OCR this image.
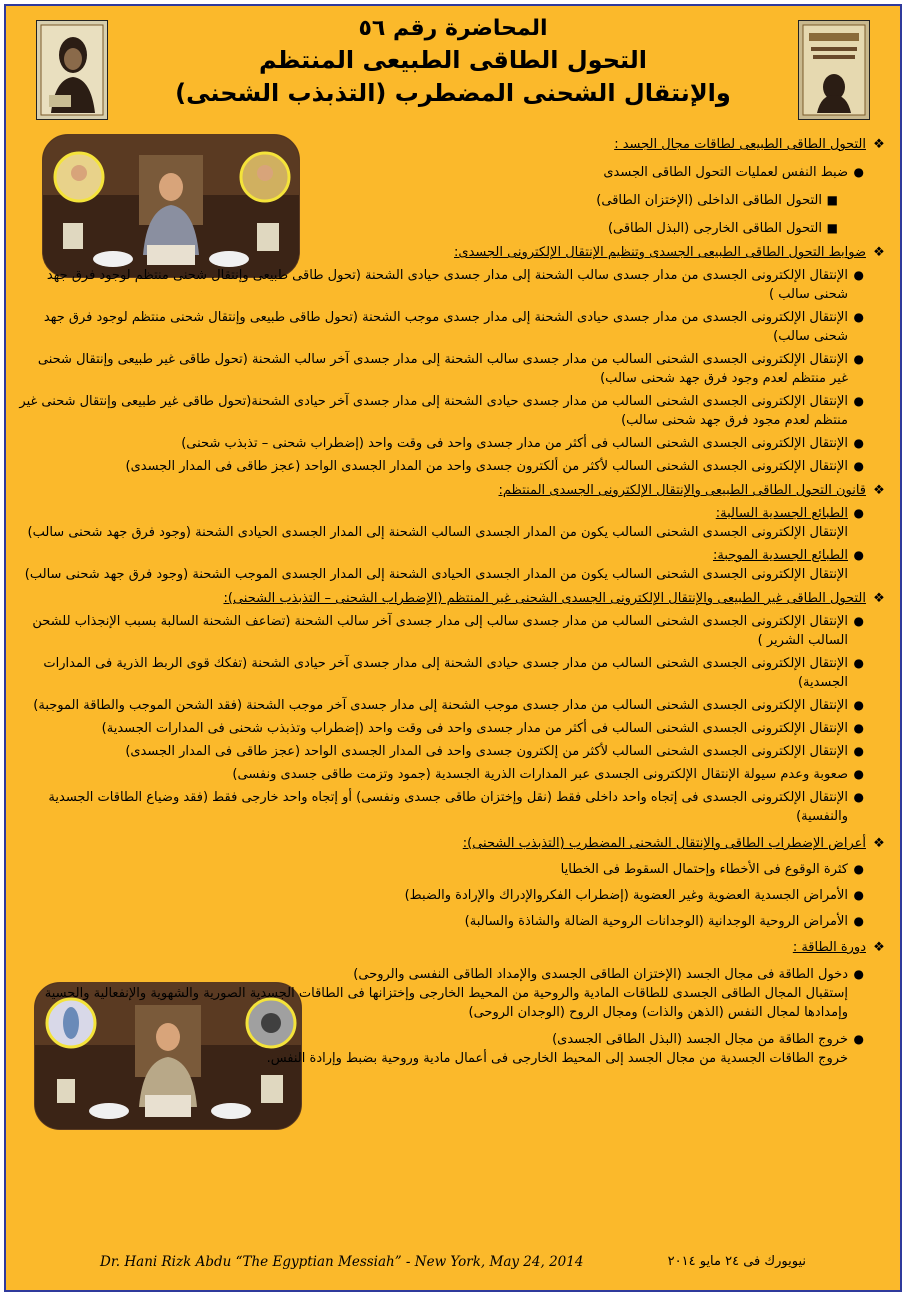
المحاضرة رقم ٥٦
التحول الطاقى الطبيعى المنتظم
والإنتقال الشحنى المضطرب (التذبذب الشحنى)
❖
التحول الطاقى الطبيعى لطاقات مجال الجسد :
●
ضبط النفس لعمليات التحول الطاقى الجسدى
■
التحول الطاقى الداخلى (الإختزان الطاقى)
■
التحول الطاقى الخارجى (البذل الطاقى)
❖
ضوابط التحول الطاقى الطبيعى الجسدى وتنظيم الإنتقال الإلكترونى الجسدى:
●
الإنتقال الإلكترونى الجسدى من مدار جسدى سالب الشحنة إلى مدار جسدى حيادى الشحنة (تحول طاقى طبيعى وإنتقال شحنى منتظم لوجود فرق جهد شحنى سالب )
●
الإنتقال الإلكترونى الجسدى من مدار جسدى حيادى الشحنة إلى مدار جسدى موجب الشحنة (تحول طاقى طبيعى وإنتقال شحنى منتظم لوجود فرق جهد شحنى سالب)
●
الإنتقال الإلكترونى الجسدى الشحنى السالب من مدار جسدى سالب الشحنة إلى مدار جسدى آخر سالب الشحنة (تحول طاقى غير طبيعى وإنتقال شحنى غير منتظم لعدم وجود فرق جهد شحنى سالب)
●
الإنتقال الإلكترونى الجسدى الشحنى السالب من مدار جسدى حيادى الشحنة إلى مدار جسدى آخر حيادى الشحنة(تحول طاقى غير طبيعى وإنتقال شحنى غير منتظم لعدم مجود فرق جهد شحنى سالب)
●
الإنتقال الإلكترونى الجسدى الشحنى السالب فى أكثر من مدار جسدى واحد فى وقت واحد (إضطراب شحنى – تذبذب شحنى)
●
الإنتقال الإلكترونى الجسدى الشحنى السالب لأكثر من ألكترون جسدى واحد من المدار الجسدى الواحد (عجز طاقى فى المدار الجسدى)
❖
قانون التحول الطاقى الطبيعى والإنتقال الإلكترونى الجسدى المنتظم:
●
الطبائع الجسدية السالبة:
الإنتقال الإلكترونى الجسدى الشحنى السالب يكون من المدار الجسدى السالب الشحنة إلى المدار الجسدى الحيادى الشحنة (وجود فرق جهد شحنى سالب)
●
الطبائع الجسدية الموجبة:
الإنتقال الإلكترونى الجسدى الشحنى السالب يكون من المدار الجسدى الحيادى الشحنة إلى المدار الجسدى الموجب الشحنة (وجود فرق جهد شحنى سالب)
❖
التحول الطاقى غير الطبيعى والإنتقال الإلكترونى الجسدى الشحنى غير المنتظم (الإضطراب الشحنى – التذبذب الشحنى):
●
الإنتقال الإلكترونى الجسدى الشحنى السالب من مدار جسدى سالب إلى مدار جسدى آخر سالب الشحنة (تضاعف الشحنة السالبة بسبب الإنجذاب للشحن السالب الشرير )
●
الإنتقال الإلكترونى الجسدى الشحنى السالب من مدار جسدى حيادى الشحنة إلى مدار جسدى آخر حيادى الشحنة (تفكك قوى الربط الذرية فى المدارات الجسدية)
●
الإنتقال الإلكترونى الجسدى الشحنى السالب من مدار جسدى موجب الشحنة إلى مدار جسدى آخر موجب الشحنة (فقد الشحن الموجب والطاقة الموجبة)
●
الإنتقال الإلكترونى الجسدى الشحنى السالب فى أكثر من مدار جسدى واحد فى وقت واحد (إضطراب وتذبذب شحنى فى المدارات الجسدية)
●
الإنتقال الإلكترونى الجسدى الشحنى السالب لأكثر من إلكترون جسدى واحد فى المدار الجسدى الواحد (عجز طاقى فى المدار الجسدى)
●
صعوبة وعدم سيولة الإنتقال الإلكترونى الجسدى عبر المدارات الذرية الجسدية (جمود وتزمت طاقى جسدى ونفسى)
●
الإنتقال الإلكترونى الجسدى فى إتجاه واحد داخلى فقط (نقل وإختزان طاقى جسدى ونفسى) أو إتجاه واحد خارجى فقط (فقد وضياع الطاقات الجسدية والنفسية)
❖
أعراض الإضطراب الطاقى والإنتقال الشحنى المضطرب (التذبذب الشحنى):
●
كثرة الوقوع فى الأخطاء وإحتمال السقوط فى الخطايا
●
الأمراض الجسدية العضوية وغير العضوية (إضطراب الفكروالإدراك والإرادة والضبط)
●
الأمراض الروحية الوجدانية (الوجدانات الروحية الضالة والشاذة والسالبة)
❖
دورة الطاقة :
●
دخول الطاقة فى مجال الجسد (الإختزان الطاقى الجسدى والإمداد الطاقى النفسى والروحى)
إستقبال المجال الطاقى الجسدى للطاقات المادية والروحية من المحيط الخارجى وإختزانها فى الطاقات الجسدية الصورية والشهوية والإنفعالية والحسية وإمدادها لمجال النفس (الذهن والذات) ومجال الروح (الوجدان الروحى)
●
خروج الطاقة من مجال الجسد (البذل الطاقى الجسدى)
خروج الطاقات الجسدية من مجال الجسد إلى المحيط الخارجى فى أعمال مادية وروحية بضبط وإرادة النفس.
Dr. Hani Rizk Abdu “The Egyptian Messiah” - New York, May 24, 2014	نيويورك فى ٢٤ مايو ٢٠١٤
